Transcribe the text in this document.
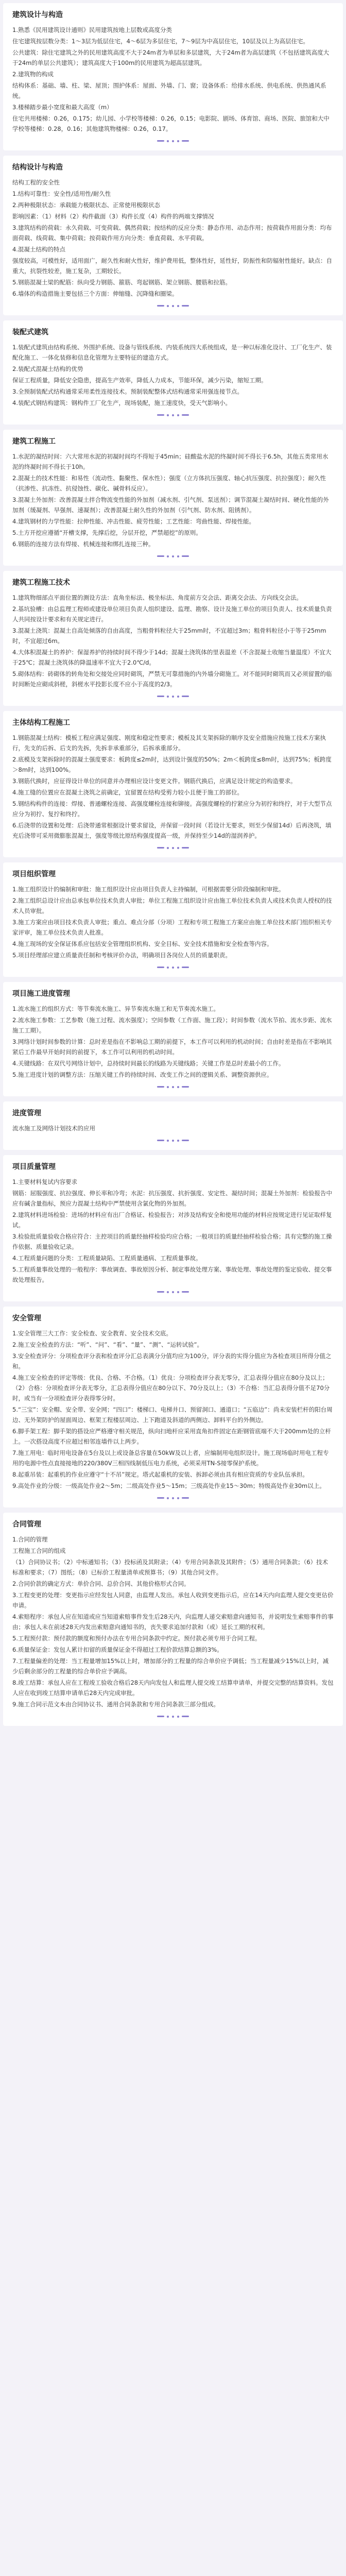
建筑设计与构造

1.熟悉《民用建筑设计通则》民用建筑按地上层数或高度分类

住宅建筑按层数分类：1～3层为低层住宅，4～6层为多层住宅，7～9层为中高层住宅，10层及以上为高层住宅。

公共建筑：除住宅建筑之外的民用建筑高度不大于24m者为单层和多层建筑，大于24m者为高层建筑（不包括建筑高度大于24m的单层公共建筑）；建筑高度大于100m的民用建筑为超高层建筑。

2.建筑物的构成

结构体系：基础、墙、柱、梁、屋顶；围护体系：屋面、外墙、门、窗；设备体系：给排水系统、供电系统、供热通风系统。

3.楼梯踏步最小宽度和最大高度（m）

住宅共用楼梯：0.26，0.175；幼儿园、小学校等楼梯：0.26，0.15；电影院、剧场、体育馆、商场、医院、旅馆和大中学校等楼梯：0.28，0.16；其他建筑物楼梯：0.26，0.17。

结构设计与构造

结构工程的安全性

1.结构可靠性：安全性/适用性/耐久性

2.两种极限状态：承载能力极限状态、正常使用极限状态

影响因素：（1）材料（2）构件截面（3）构件长度（4）构件的两端支撑情况

3.建筑结构的荷载：永久荷载、可变荷载、偶然荷载；按结构的反应分类：静态作用、动态作用；按荷载作用面分类：均布面荷载、线荷载、集中荷载；按荷载作用方向分类：垂直荷载、水平荷载。

4.混凝土结构的特点

强度较高，可模性好，适用面广，耐久性和耐火性好，维护费用低，整体性好，延性好，防振性和防辐射性能好。缺点：自重大，抗裂性较差，施工复杂，工期较长。

5.钢筋混凝土梁的配筋：纵向受力钢筋、箍筋、弯起钢筋、架立钢筋、腰筋和拉筋。

6.墙体的构造措施主要包括三个方面：伸缩缝、沉降缝和圈梁。

装配式建筑

1.装配式建筑由结构系统、外围护系统、设备与管线系统、内装系统四大系统组成，是一种以标准化设计、工厂化生产、装配化施工、一体化装修和信息化管理为主要特征的建造方式。

2.装配式混凝土结构的优势

保证工程质量，降低安全隐患，提高生产效率，降低人力成本，节能环保，减少污染，缩短工期。

3.全预制装配式结构通常采用柔性连接技术。预制装配整体式结构通常采用强连接节点。

4.装配式钢结构建筑：钢构件工厂化生产，现场装配，施工速度快，受天气影响小。

建筑工程施工

1.水泥的凝结时间：六大常用水泥的初凝时间均不得短于45min；硅酸盐水泥的终凝时间不得长于6.5h，其他五类常用水泥的终凝时间不得长于10h。

2.混凝土的技术性能：和易性（流动性、黏聚性、保水性）；强度（立方体抗压强度、轴心抗压强度、抗拉强度）；耐久性（抗渗性、抗冻性、抗侵蚀性、碳化、碱骨料反应）。

3.混凝土外加剂：改善混凝土拌合物流变性能的外加剂（减水剂、引气剂、泵送剂）；调节混凝土凝结时间、硬化性能的外加剂（缓凝剂、早强剂、速凝剂）；改善混凝土耐久性的外加剂（引气剂、防水剂、阻锈剂）。

4.建筑钢材的力学性能：拉伸性能、冲击性能、疲劳性能；工艺性能：弯曲性能、焊接性能。

5.土方开挖应遵循“开槽支撑，先撑后挖，分层开挖，严禁超挖”的原则。

6.钢筋的连接方法有焊接、机械连接和绑扎连接三种。

建筑工程施工技术

1.建筑物细部点平面位置的测设方法：直角坐标法、极坐标法、角度前方交会法、距离交会法、方向线交会法。

2.基坑验槽：由总监理工程师或建设单位项目负责人组织建设、监理、勘察、设计及施工单位的项目负责人、技术质量负责人共同按设计要求和有关规定进行。

3.混凝土浇筑：混凝土自高处倾落的自由高度，当粗骨料粒径大于25mm时，不宜超过3m；粗骨料粒径小于等于25mm时，不宜超过6m。

4.大体积混凝土的养护：保湿养护的持续时间不得少于14d；混凝土浇筑体的里表温差（不含混凝土收缩当量温度）不宜大于25℃；混凝土浇筑体的降温速率不宜大于2.0℃/d。

5.砌体结构：砖砌体的转角处和交接处应同时砌筑，严禁无可靠措施的内外墙分砌施工。对不能同时砌筑而又必须留置的临时间断处应砌成斜槎，斜槎水平投影长度不应小于高度的2/3。

主体结构工程施工

1.钢筋混凝土结构：模板工程应满足强度、刚度和稳定性要求；模板及其支架拆除的顺序及安全措施应按施工技术方案执行，先支的后拆、后支的先拆，先拆非承重部分，后拆承重部分。

2.底模及支架拆除时的混凝土强度要求：板跨度≤2m时，达到设计强度的50%；2m＜板跨度≤8m时，达到75%；板跨度＞8m时，达到100%。

3.钢筋代换时，应征得设计单位的同意并办理相应设计变更文件。钢筋代换后，应满足设计规定的构造要求。

4.施工缝的位置应在混凝土浇筑之前确定，宜留置在结构受剪力较小且便于施工的部位。

5.钢结构构件的连接：焊接、普通螺栓连接、高强度螺栓连接和铆接。高强度螺栓的拧紧应分为初拧和终拧，对于大型节点应分为初拧、复拧和终拧。

6.后浇带的设置和处理：后浇带通常根据设计要求留设，并保留一段时间（若设计无要求，则至少保留14d）后再浇筑，填充后浇带可采用微膨胀混凝土，强度等级比原结构强度提高一级，并保持至少14d的湿润养护。

项目组织管理

1.施工组织设计的编制和审批：施工组织设计应由项目负责人主持编制，可根据需要分阶段编制和审批。

2.施工组织总设计应由总承包单位技术负责人审批；单位工程施工组织设计应由施工单位技术负责人或技术负责人授权的技术人员审批。

3.施工方案应由项目技术负责人审批；重点、难点分部（分项）工程和专项工程施工方案应由施工单位技术部门组织相关专家评审，施工单位技术负责人批准。

4.施工现场的安全保证体系应包括安全管理组织机构、安全目标、安全技术措施和安全检查等内容。

5.项目经理部应建立质量责任制和考核评价办法，明确项目各岗位人员的质量职责。

项目施工进度管理

1.流水施工的组织方式：等节奏流水施工、异节奏流水施工和无节奏流水施工。

2.流水施工参数：工艺参数（施工过程、流水强度）；空间参数（工作面、施工段）；时间参数（流水节拍、流水步距、流水施工工期）。

3.网络计划时间参数的计算：总时差是指在不影响总工期的前提下，本工作可以利用的机动时间；自由时差是指在不影响其紧后工作最早开始时间的前提下，本工作可以利用的机动时间。

4.关键线路：在双代号网络计划中，总持续时间最长的线路为关键线路；关键工作是总时差最小的工作。

5.施工进度计划的调整方法：压缩关键工作的持续时间、改变工作之间的逻辑关系、调整资源供应。

进度管理

流水施工及网络计划技术的应用

项目质量管理

1.主要材料复试内容要求

钢筋：屈服强度、抗拉强度、伸长率和冷弯；水泥：抗压强度、抗折强度、安定性、凝结时间；混凝土外加剂：检验报告中应有碱含量指标，预应力混凝土结构中严禁使用含氯化物的外加剂。

2.建筑材料进场检验：进场的材料应有出厂合格证、检验报告；对涉及结构安全和使用功能的材料应按规定进行见证取样复试。

3.检验批质量验收合格应符合：主控项目的质量经抽样检验均应合格；一般项目的质量经抽样检验合格；具有完整的施工操作依据、质量验收记录。

4.工程质量问题的分类：工程质量缺陷、工程质量通病、工程质量事故。

5.工程质量事故处理的一般程序：事故调查、事故原因分析、制定事故处理方案、事故处理、事故处理的鉴定验收、提交事故处理报告。

安全管理

1.安全管理三大工作：安全检查、安全教育、安全技术交底。

2.施工安全检查的方法：“听”、“问”、“看”、“量”、“测”、“运转试验”。

3.安全检查评分：分项检查评分表和检查评分汇总表满分分值均应为100分，评分表的实得分值应为各检查项目所得分值之和。

4.施工安全检查的评定等级：优良、合格、不合格。（1）优良：分项检查评分表无零分，汇总表得分值应在80分及以上；（2）合格：分项检查评分表无零分，汇总表得分值应在80分以下、70分及以上；（3）不合格：当汇总表得分值不足70分时，或当有一分项检查评分表得零分时。

5.“三宝”：安全帽、安全带、安全网；“四口”：楼梯口、电梯井口、预留洞口、通道口；“五临边”：尚未安装栏杆的阳台周边、无外架防护的屋面周边、框架工程楼层周边、上下跑道及斜道的两侧边、卸料平台的外侧边。

6.脚手架工程：脚手架的搭设应严格遵守相关规范，纵向扫地杆应采用直角扣件固定在距钢管底端不大于200mm处的立杆上。一次搭设高度不应超过相邻连墙件以上两步。

7.施工用电：临时用电设备在5台及以上或设备总容量在50kW及以上者，应编制用电组织设计。施工现场临时用电工程专用的电源中性点直接接地的220/380V三相四线制低压电力系统，必须采用TN-S接零保护系统。

8.起重吊装：起重机的作业应遵守“十不吊”规定。塔式起重机的安装、拆卸必须由具有相应资质的专业队伍承担。

9.高处作业的分级：一级高处作业2～5m；二级高处作业5～15m；三级高处作业15～30m；特级高处作业30m以上。

合同管理

1.合同的管理

工程施工合同的组成

（1）合同协议书；（2）中标通知书；（3）投标函及其附录；（4）专用合同条款及其附件；（5）通用合同条款；（6）技术标准和要求；（7）图纸；（8）已标价工程量清单或预算书；（9）其他合同文件。

2.合同价款的确定方式：单价合同、总价合同、其他价格形式合同。

3.工程变更的处理：变更指示应经发包人同意，由监理人发出。承包人收到变更指示后，应在14天内向监理人提交变更估价申请。

4.索赔程序：承包人应在知道或应当知道索赔事件发生后28天内，向监理人递交索赔意向通知书，并说明发生索赔事件的事由；承包人未在前述28天内发出索赔意向通知书的，丧失要求追加付款和（或）延长工期的权利。

5.工程预付款：预付款的额度和预付办法在专用合同条款中约定。预付款必须专用于合同工程。

6.质量保证金：发包人累计扣留的质量保证金不得超过工程价款结算总额的3%。

7.工程量偏差的处理：当工程量增加15%以上时，增加部分的工程量的综合单价应予调低；当工程量减少15%以上时，减少后剩余部分的工程量的综合单价应予调高。

8.竣工结算：承包人应在工程竣工验收合格后28天内向发包人和监理人提交竣工结算申请单，并提交完整的结算资料。发包人应在收到竣工结算申请单后28天内完成审批。

9.施工合同示范文本由合同协议书、通用合同条款和专用合同条款三部分组成。
